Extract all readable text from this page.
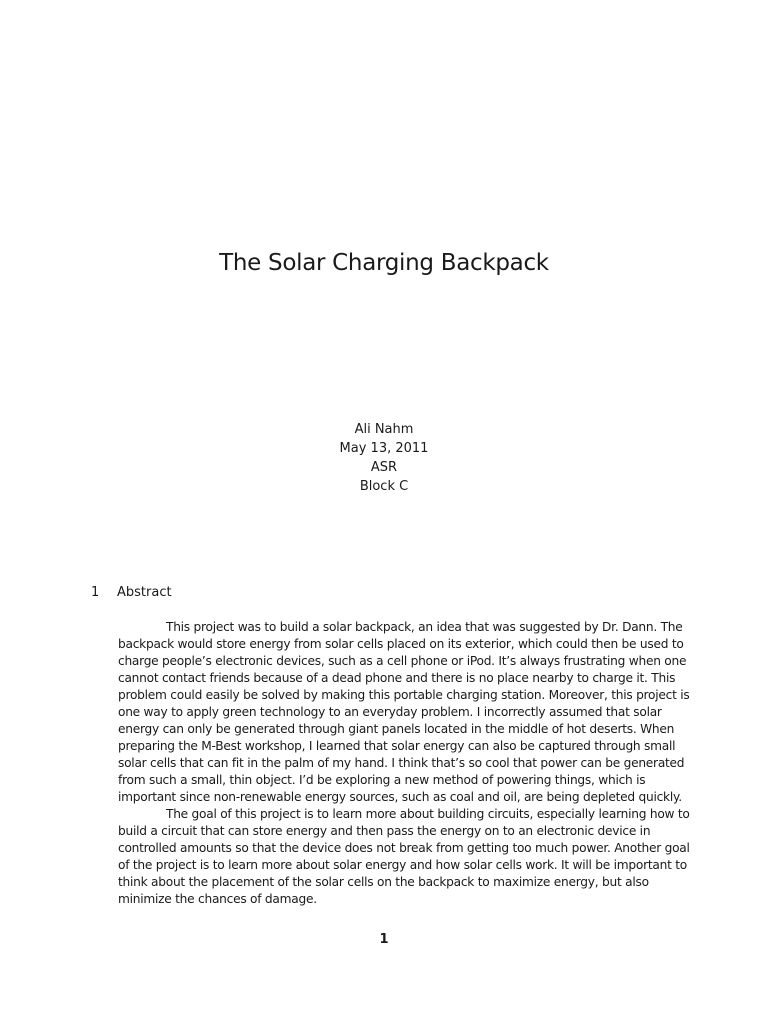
The Solar Charging Backpack
Ali Nahm
May 13, 2011
ASR
Block C
1 Abstract

This project was to build a solar backpack, an idea that was suggested by Dr. Dann. The backpack would store energy from solar cells placed on its exterior, which could then be used to charge people’s electronic devices, such as a cell phone or iPod. It’s always frustrating when one cannot contact friends because of a dead phone and there is no place nearby to charge it. This problem could easily be solved by making this portable charging station. Moreover, this project is one way to apply green technology to an everyday problem. I incorrectly assumed that solar energy can only be generated through giant panels located in the middle of hot deserts. When preparing the M-Best workshop, I learned that solar energy can also be captured through small solar cells that can fit in the palm of my hand. I think that’s so cool that power can be generated from such a small, thin object. I’d be exploring a new method of powering things, which is important since non-renewable energy sources, such as coal and oil, are being depleted quickly.

The goal of this project is to learn more about building circuits, especially learning how to build a circuit that can store energy and then pass the energy on to an electronic device in controlled amounts so that the device does not break from getting too much power. Another goal of the project is to learn more about solar energy and how solar cells work. It will be important to think about the placement of the solar cells on the backpack to maximize energy, but also minimize the chances of damage.

1
